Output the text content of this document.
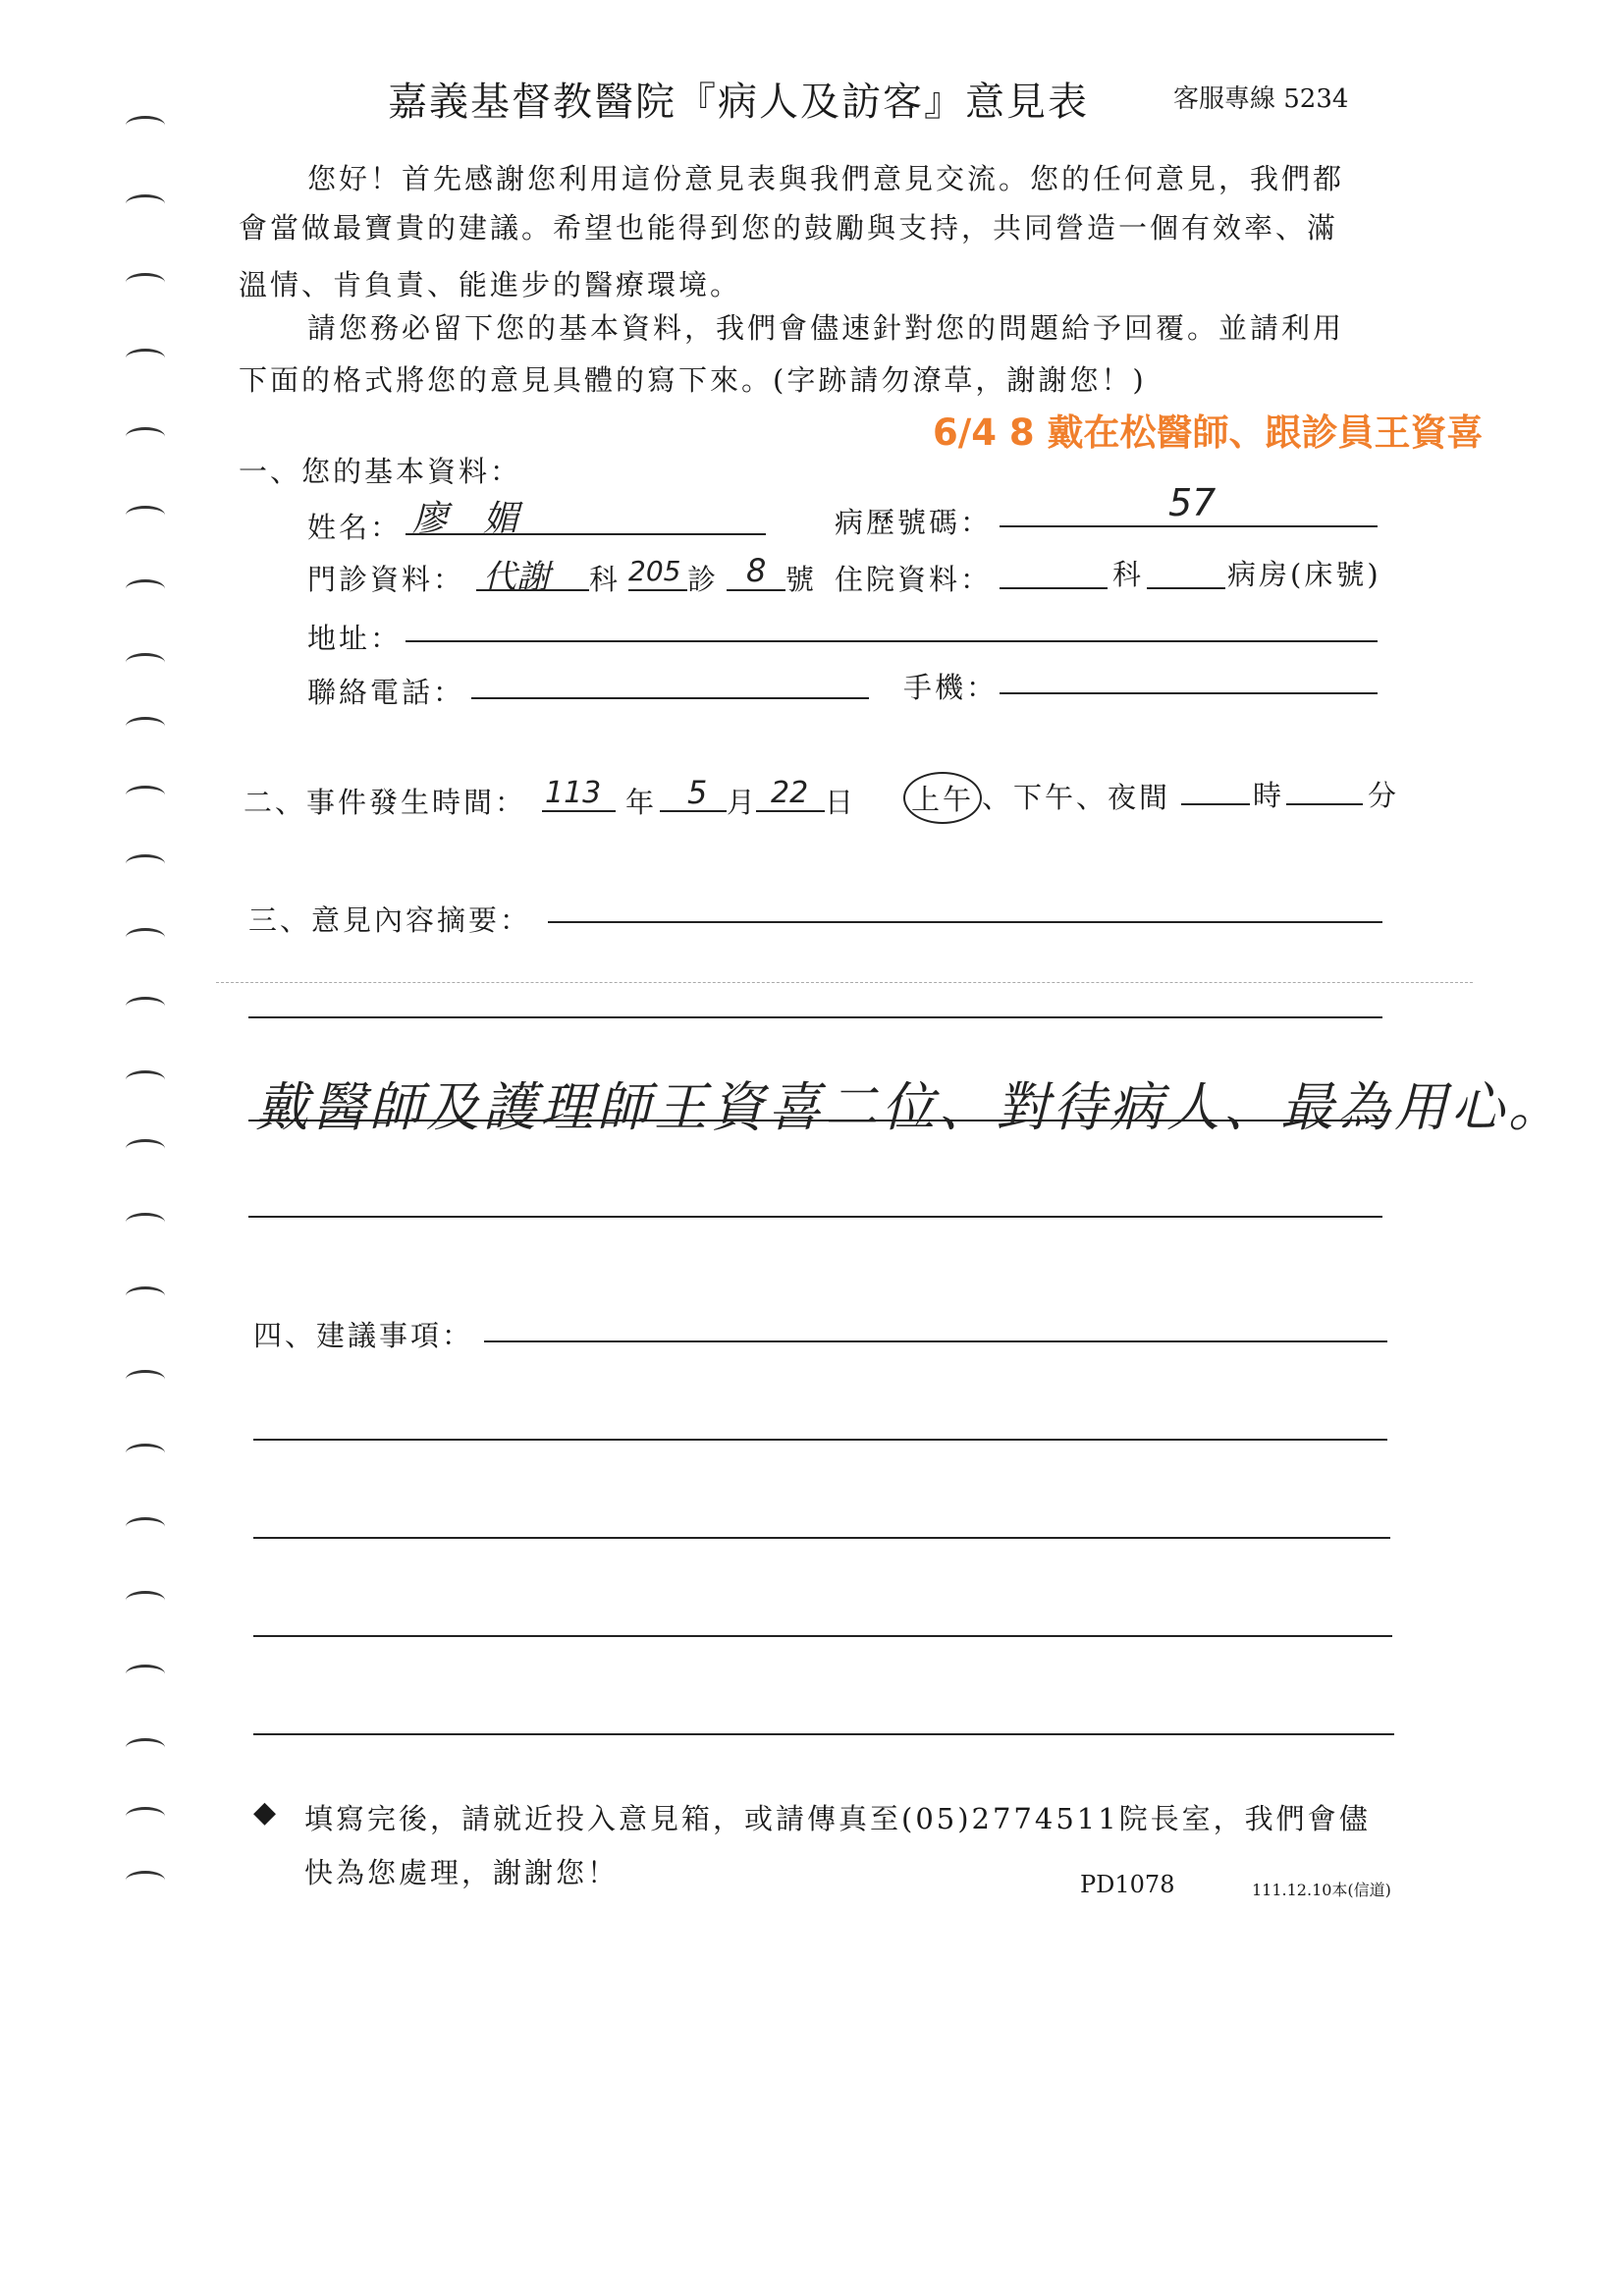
嘉義基督教醫院『病人及訪客』意見表	客服專線 5234
您好！首先感謝您利用這份意見表與我們意見交流。您的任何意見，我們都
會當做最寶貴的建議。希望也能得到您的鼓勵與支持，共同營造一個有效率、滿
溫情、肯負責、能進步的醫療環境。
請您務必留下您的基本資料，我們會儘速針對您的問題給予回覆。並請利用
下面的格式將您的意見具體的寫下來。(字跡請勿潦草，謝謝您！)
6/4 8 戴在松醫師、跟診員王資喜
一、您的基本資料：
姓名： 廖　媚	病歷號碼：	57
門診資料： 代謝 科 205 診 8 號 住院資料：	科	病房(床號)
地址：
聯絡電話：	手機：
二、事件發生時間： 113 年 5 月 22 日 上午 、下午、夜間	時	分
三、意見內容摘要：
戴醫師及護理師王資喜二位、對待病人、最為用心。
四、建議事項：
◆ 填寫完後，請就近投入意見箱，或請傳真至(05)2774511院長室，我們會儘
快為您處理，謝謝您！	PD1078	111.12.10本(信道)
